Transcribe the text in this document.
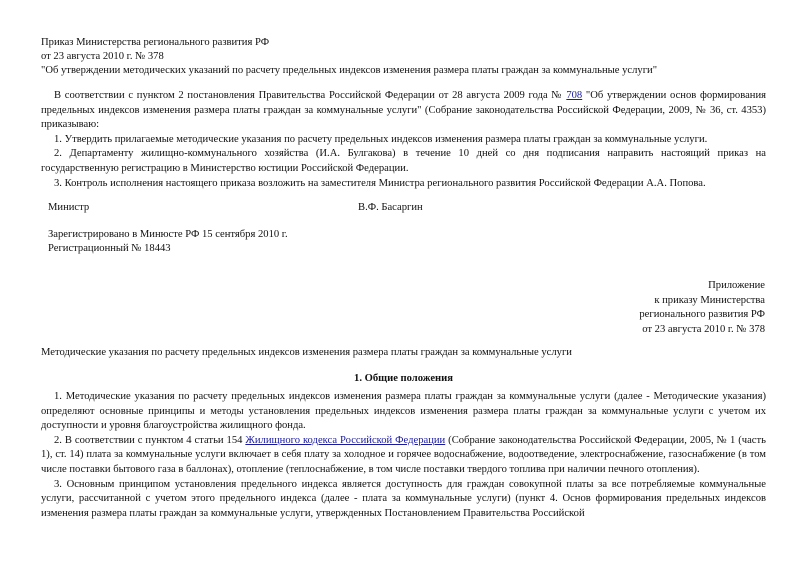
Приказ Министерства регионального развития РФ
от 23 августа 2010 г. № 378
"Об утверждении методических указаний по расчету предельных индексов изменения размера платы граждан за коммунальные услуги"

В соответствии с пунктом 2 постановления Правительства Российской Федерации от 28 августа 2009 года № 708 "Об утверждении основ формирования предельных индексов изменения размера платы граждан за коммунальные услуги" (Собрание законодательства Российской Федерации, 2009, № 36, ст. 4353) приказываю:

1. Утвердить прилагаемые методические указания по расчету предельных индексов изменения размера платы граждан за коммунальные услуги.

2. Департаменту жилищно-коммунального хозяйства (И.А. Булгакова) в течение 10 дней со дня подписания направить настоящий приказ на государственную регистрацию в Министерство юстиции Российской Федерации.

3. Контроль исполнения настоящего приказа возложить на заместителя Министра регионального развития Российской Федерации А.А. Попова.

Министр	В.Ф. Басаргин
Зарегистрировано в Минюсте РФ 15 сентября 2010 г.
Регистрационный № 18443
Приложение
к приказу Министерства
регионального развития РФ
от 23 августа 2010 г. № 378
Методические указания по расчету предельных индексов изменения размера платы граждан за коммунальные услуги
1. Общие положения

1. Методические указания по расчету предельных индексов изменения размера платы граждан за коммунальные услуги (далее - Методические указания) определяют основные принципы и методы установления предельных индексов изменения размера платы граждан за коммунальные услуги с учетом их доступности и уровня благоустройства жилищного фонда.

2. В соответствии с пунктом 4 статьи 154 Жилищного кодекса Российской Федерации (Собрание законодательства Российской Федерации, 2005, № 1 (часть 1), ст. 14) плата за коммунальные услуги включает в себя плату за холодное и горячее водоснабжение, водоотведение, электроснабжение, газоснабжение (в том числе поставки бытового газа в баллонах), отопление (теплоснабжение, в том числе поставки твердого топлива при наличии печного отопления).

3. Основным принципом установления предельного индекса является доступность для граждан совокупной платы за все потребляемые коммунальные услуги, рассчитанной с учетом этого предельного индекса (далее - плата за коммунальные услуги) (пункт 4. Основ формирования предельных индексов изменения размера платы граждан за коммунальные услуги, утвержденных Постановлением Правительства Российской
